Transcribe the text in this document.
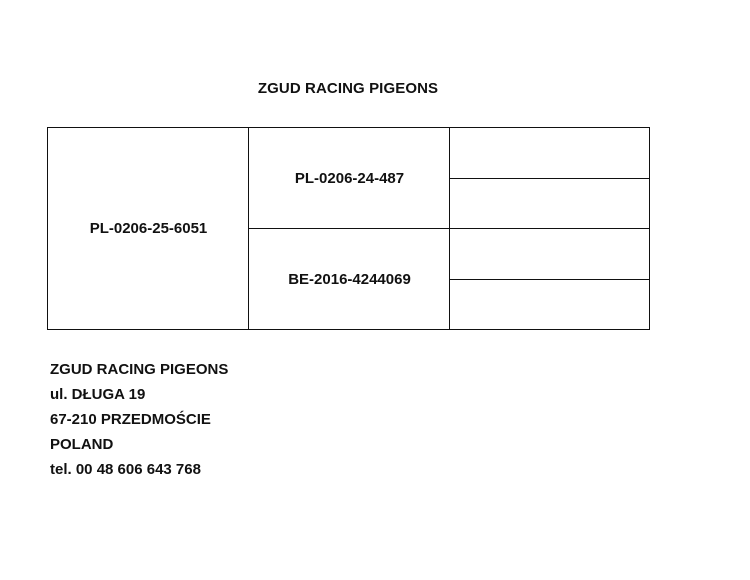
ZGUD RACING PIGEONS
PL-0206-25-6051
PL-0206-24-487
BE-2016-4244069
ZGUD RACING PIGEONS
ul. DŁUGA 19
67-210 PRZEDMOŚCIE
POLAND
tel. 00 48 606 643 768
